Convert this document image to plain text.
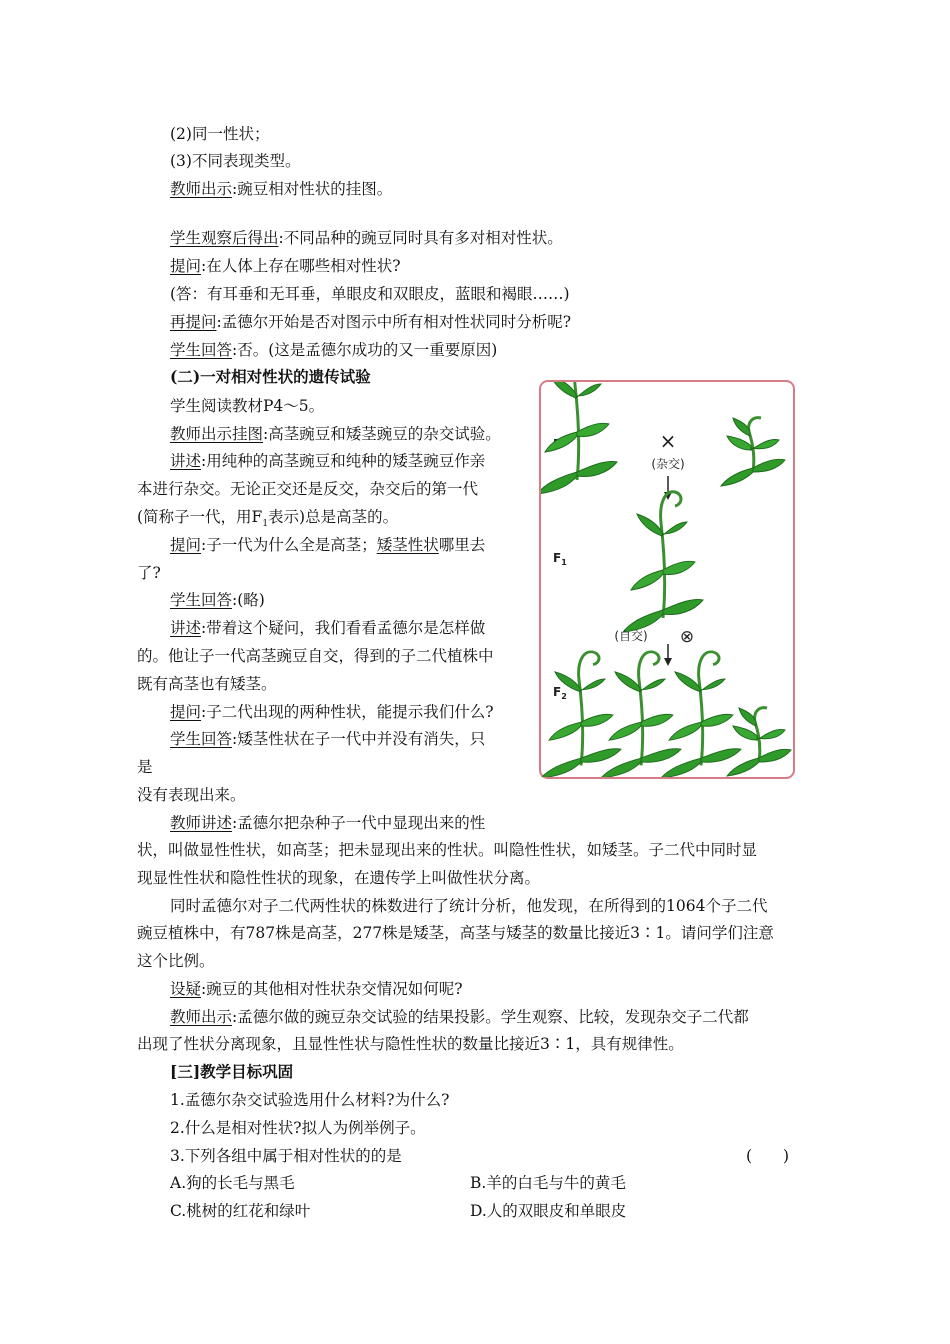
(2)同一性状；
(3)不同表现类型。
教师出示:豌豆相对性状的挂图。
学生观察后得出:不同品种的豌豆同时具有多对相对性状。
提问:在人体上存在哪些相对性状?
(答：有耳垂和无耳垂，单眼皮和双眼皮，蓝眼和褐眼……)
再提问:孟德尔开始是否对图示中所有相对性状同时分析呢?
学生回答:否。(这是孟德尔成功的又一重要原因)
(二)一对相对性状的遗传试验
学生阅读教材P4～5。
教师出示挂图:高茎豌豆和矮茎豌豆的杂交试验。
讲述:用纯种的高茎豌豆和纯种的矮茎豌豆作亲
本进行杂交。无论正交还是反交，杂交后的第一代
(简称子一代，用$F_1$表示)总是高茎的。
提问:子一代为什么全是高茎；矮茎性状哪里去
了?
学生回答:(略)
讲述:带着这个疑问，我们看看孟德尔是怎样做
的。他让子一代高茎豌豆自交，得到的子二代植株中
既有高茎也有矮茎。
提问:子二代出现的两种性状，能提示我们什么?
学生回答:矮茎性状在子一代中并没有消失，只
是
没有表现出来。
教师讲述:孟德尔把杂种子一代中显现出来的性
状，叫做显性性状，如高茎；把未显现出来的性状。叫隐性性状，如矮茎。子二代中同时显
现显性性状和隐性性状的现象，在遗传学上叫做性状分离。
同时孟德尔对子二代两性状的株数进行了统计分析，他发现，在所得到的1064个子二代
豌豆植株中，有787株是高茎，277株是矮茎，高茎与矮茎的数量比接近3∶1。请问学们注意
这个比例。
设疑:豌豆的其他相对性状杂交情况如何呢?
教师出示:孟德尔做的豌豆杂交试验的结果投影。学生观察、比较，发现杂交子二代都
出现了性状分离现象，且显性性状与隐性性状的数量比接近3∶1，具有规律性。
[三]教学目标巩固
1.孟德尔杂交试验选用什么材料?为什么?
2.什么是相对性状?拟人为例举例子。
3.下列各组中属于相对性状的的是	(　　)
A.狗的长毛与黑毛	B.羊的白毛与牛的黄毛
C.桃树的红花和绿叶	D.人的双眼皮和单眼皮
×
(杂交)
$F_1$
(自交) ⊗
$F_2$
